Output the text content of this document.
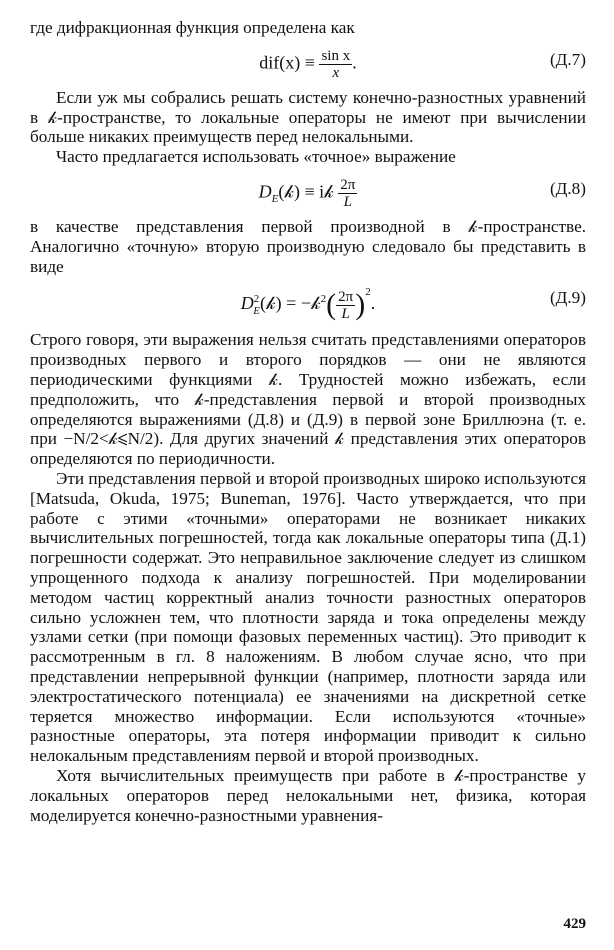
где дифракционная функция определена как

$dif(x) \equiv \frac{\text{sin x}}{x}$ .	(Д.7)

Если уж мы собрались решать систему конечно-разностных уравнений в 𝓀-пространстве, то локальные операторы не имеют при вычислении больше никаких преимуществ перед нелокальными.

Часто предлагается использовать «точное» выражение

$D_E(𝓀)$ ≡ i𝓀 $\frac{2\pi}{L}$	(Д.8)

в качестве представления первой производной в 𝓀-пространстве. Аналогично «точную» вторую производную следовало бы представить в виде

$D^2_E(𝓀)$ = −𝓀$^2$( $\frac{2\pi}{L} )^2$.	(Д.9)

Строго говоря, эти выражения нельзя считать представлениями операторов производных первого и второго порядков — они не являются периодическими функциями 𝓀. Трудностей можно избежать, если предположить, что 𝓀-представления первой и второй производных определяются выражениями (Д.8) и (Д.9) в первой зоне Бриллюэна (т. е. при −N/2<𝓀⩽N/2). Для других значений 𝓀 представления этих операторов определяются по периодичности.

Эти представления первой и второй производных широко используются [Matsuda, Okuda, 1975; Buneman, 1976]. Часто утверждается, что при работе с этими «точными» операторами не возникает никаких вычислительных погрешностей, тогда как локальные операторы типа (Д.1) погрешности содержат. Это неправильное заключение следует из слишком упрощенного подхода к анализу погрешностей. При моделировании методом частиц корректный анализ точности разностных операторов сильно усложнен тем, что плотности заряда и тока определены между узлами сетки (при помощи фазовых переменных частиц). Это приводит к рассмотренным в гл. 8 наложениям. В любом случае ясно, что при представлении непрерывной функции (например, плотности заряда или электростатического потенциала) ее значениями на дискретной сетке теряется множество информации. Если используются «точные» разностные операторы, эта потеря информации приводит к сильно нелокальным представлениям первой и второй производных.

Хотя вычислительных преимуществ при работе в 𝓀-пространстве у локальных операторов перед нелокальными нет, физика, которая моделируется конечно-разностными уравнения-

429
